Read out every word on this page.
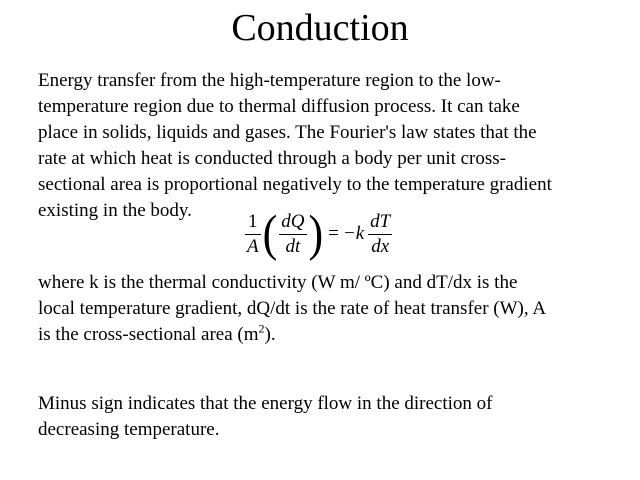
Conduction
Energy transfer from the high-temperature region to the low-
temperature region due to thermal diffusion process. It can take
place in solids, liquids and gases. The Fourier's law states that the
rate at which heat is conducted through a body per unit cross-
sectional area is proportional negatively to the temperature gradient
existing in the body.	$\frac{1}{A}$ ( $\frac{dQ}{dt}$ ) = $-k \frac{dT}{dx}$
where k is the thermal conductivity (W m/ ºC) and dT/dx is the
local temperature gradient, dQ/dt is the rate of heat transfer (W), A
is the cross-sectional area $(m^2)$.
Minus sign indicates that the energy flow in the direction of
decreasing temperature.
